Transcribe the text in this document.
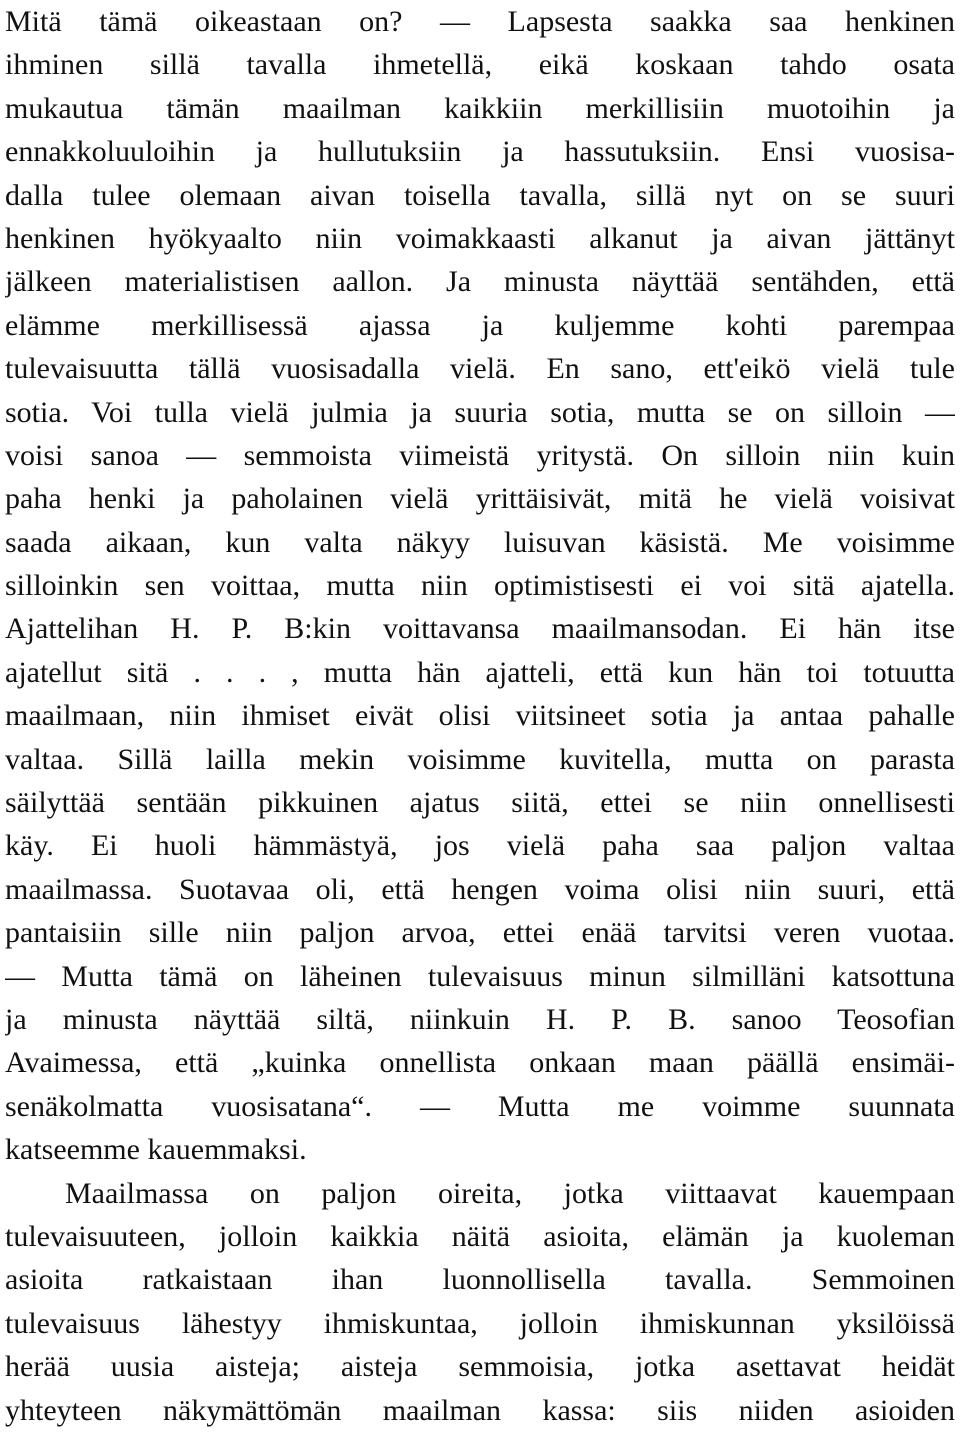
Mitä tämä oikeastaan on? — Lapsesta saakka saa henkinen
ihminen sillä tavalla ihmetellä, eikä koskaan tahdo osata
mukautua tämän maailman kaikkiin merkillisiin muotoihin ja
ennakkoluuloihin ja hullutuksiin ja hassutuksiin. Ensi vuosisa-
dalla tulee olemaan aivan toisella tavalla, sillä nyt on se suuri
henkinen hyökyaalto niin voimakkaasti alkanut ja aivan jättänyt
jälkeen materialistisen aallon. Ja minusta näyttää sentähden, että
elämme merkillisessä ajassa ja kuljemme kohti parempaa
tulevaisuutta tällä vuosisadalla vielä. En sano, ett'eikö vielä tule
sotia. Voi tulla vielä julmia ja suuria sotia, mutta se on silloin —
voisi sanoa — semmoista viimeistä yritystä. On silloin niin kuin
paha henki ja paholainen vielä yrittäisivät, mitä he vielä voisivat
saada aikaan, kun valta näkyy luisuvan käsistä. Me voisimme
silloinkin sen voittaa, mutta niin optimistisesti ei voi sitä ajatella.
Ajattelihan H. P. B:kin voittavansa maailmansodan. Ei hän itse
ajatellut sitä . . . , mutta hän ajatteli, että kun hän toi totuutta
maailmaan, niin ihmiset eivät olisi viitsineet sotia ja antaa pahalle
valtaa. Sillä lailla mekin voisimme kuvitella, mutta on parasta
säilyttää sentään pikkuinen ajatus siitä, ettei se niin onnellisesti
käy. Ei huoli hämmästyä, jos vielä paha saa paljon valtaa
maailmassa. Suotavaa oli, että hengen voima olisi niin suuri, että
pantaisiin sille niin paljon arvoa, ettei enää tarvitsi veren vuotaa.
— Mutta tämä on läheinen tulevaisuus minun silmilläni katsottuna
ja minusta näyttää siltä, niinkuin H. P. B. sanoo Teosofian
Avaimessa, että „kuinka onnellista onkaan maan päällä ensimäi-
senäkolmatta vuosisatana“. — Mutta me voimme suunnata
katseemme kauemmaksi.
Maailmassa on paljon oireita, jotka viittaavat kauempaan
tulevaisuuteen, jolloin kaikkia näitä asioita, elämän ja kuoleman
asioita ratkaistaan ihan luonnollisella tavalla. Semmoinen
tulevaisuus lähestyy ihmiskuntaa, jolloin ihmiskunnan yksilöissä
herää uusia aisteja; aisteja semmoisia, jotka asettavat heidät
yhteyteen näkymättömän maailman kassa: siis niiden asioiden
